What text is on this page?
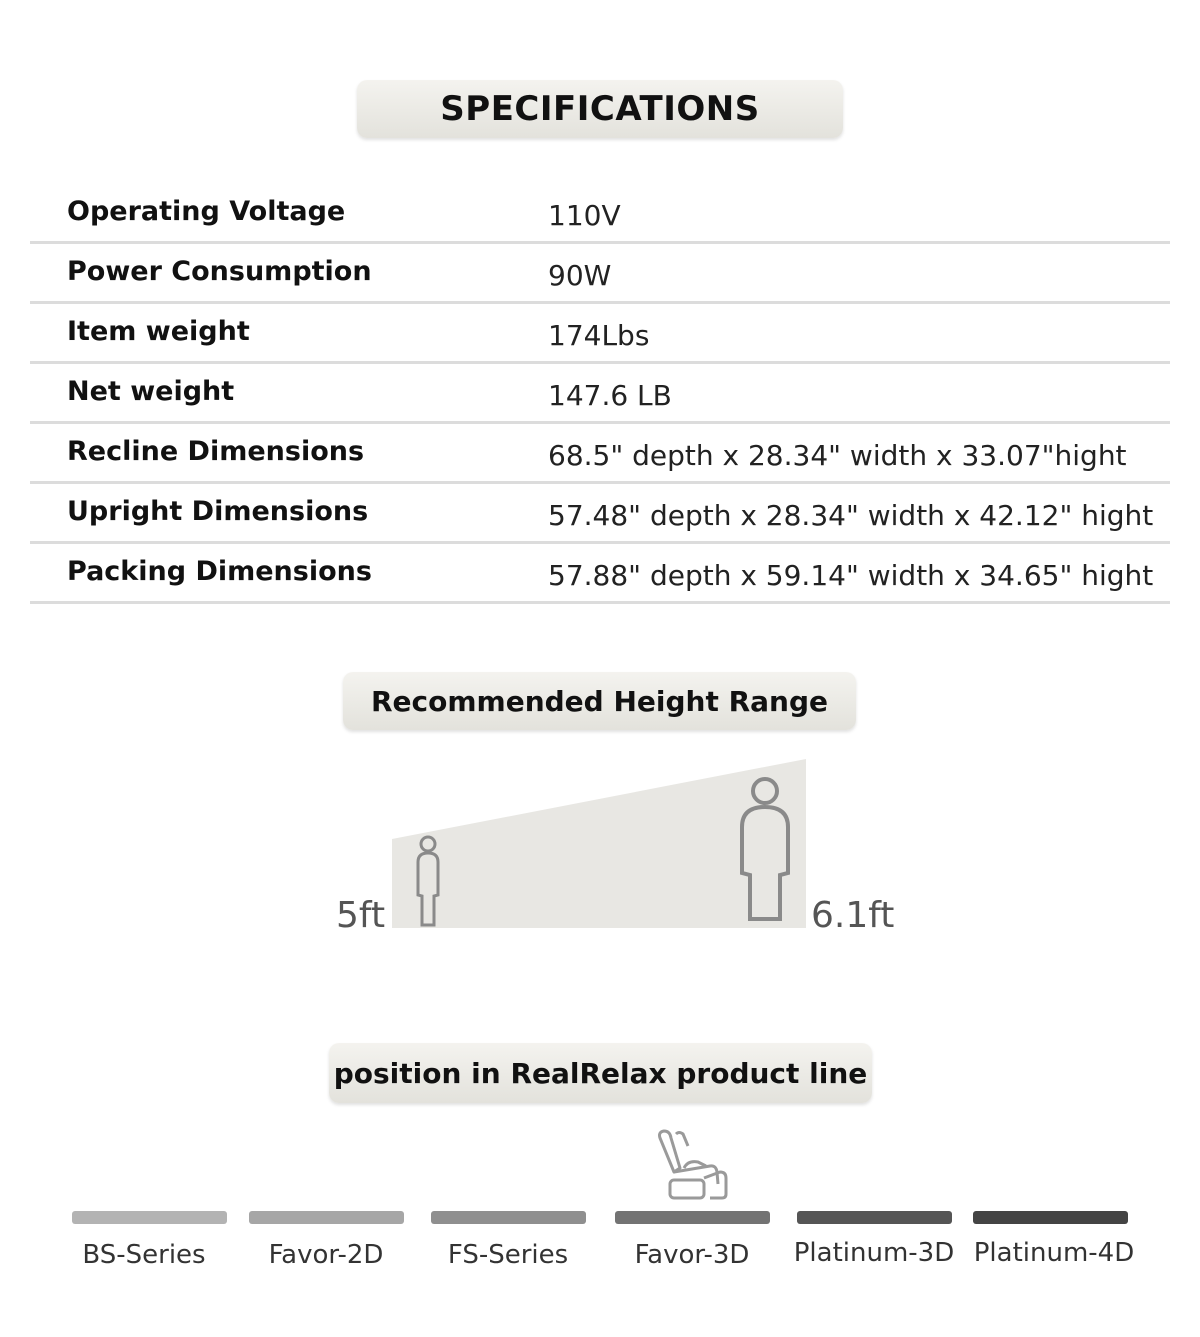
SPECIFICATIONS
Operating Voltage	110V
Power Consumption	90W
Item weight	174Lbs
Net weight	147.6 LB
Recline Dimensions	68.5" depth x 28.34" width x 33.07"hight
Upright Dimensions	57.48" depth x 28.34" width x 42.12" hight
Packing Dimensions	57.88" depth x 59.14" width x 34.65" hight
Recommended Height Range
5ft	6.1ft
position in RealRelax product line
BS-Series Favor-2D FS-Series	Favor-3D Platinum-3D Platinum-4D
